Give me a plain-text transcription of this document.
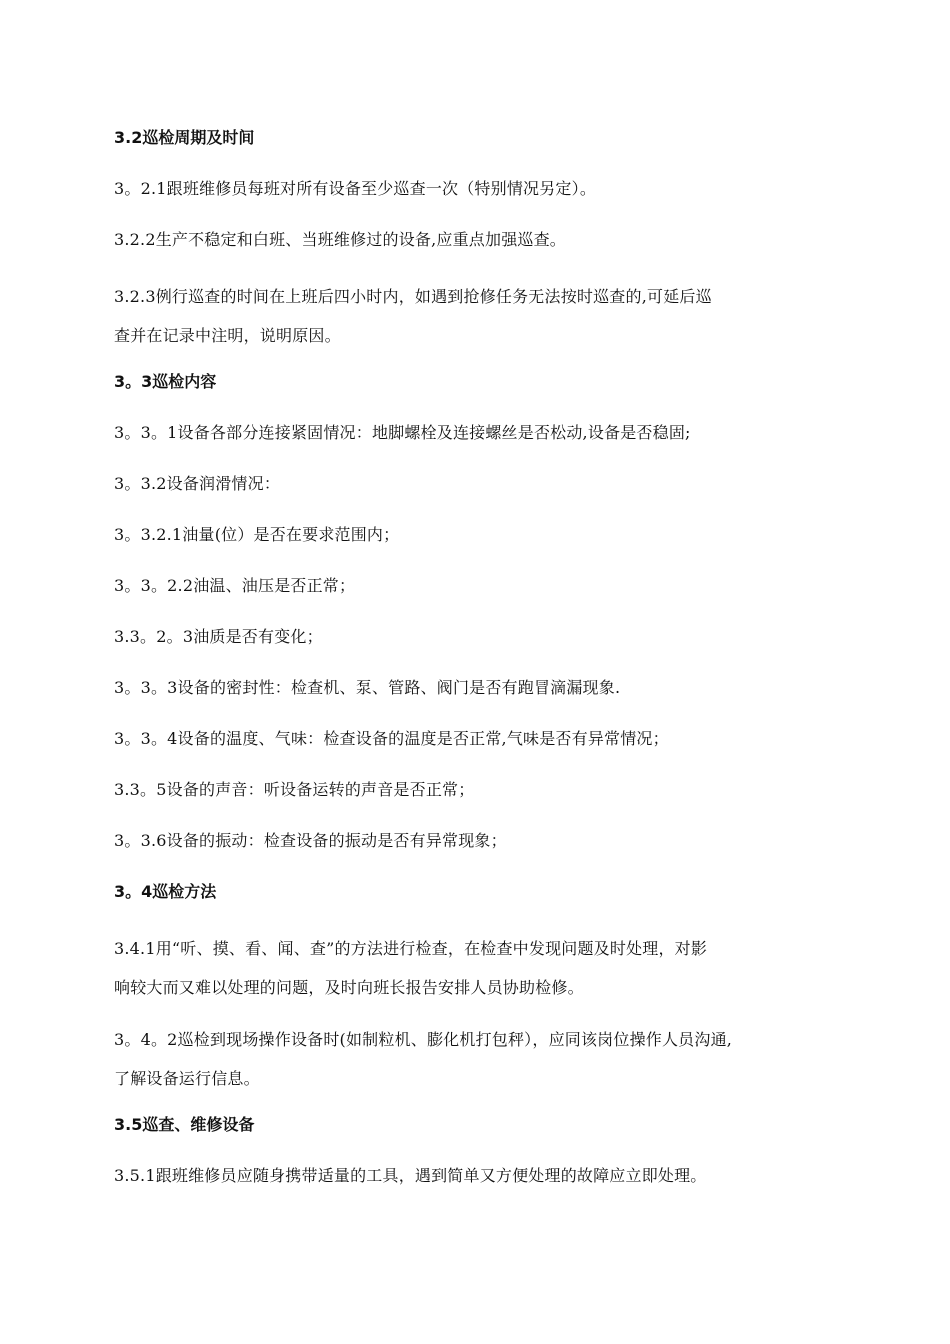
3.2巡检周期及时间
3。2.1跟班维修员每班对所有设备至少巡查一次（特别情况另定）。
3.2.2生产不稳定和白班、当班维修过的设备,应重点加强巡查。
3.2.3例行巡查的时间在上班后四小时内，如遇到抢修任务无法按时巡查的,可延后巡
查并在记录中注明，说明原因。
3。3巡检内容
3。3。1设备各部分连接紧固情况：地脚螺栓及连接螺丝是否松动,设备是否稳固;
3。3.2设备润滑情况：
3。3.2.1油量(位）是否在要求范围内；
3。3。2.2油温、油压是否正常；
3.3。2。3油质是否有变化；
3。3。3设备的密封性：检查机、泵、管路、阀门是否有跑冒滴漏现象.
3。3。4设备的温度、气味：检查设备的温度是否正常,气味是否有异常情况；
3.3。5设备的声音：听设备运转的声音是否正常；
3。3.6设备的振动：检查设备的振动是否有异常现象；
3。4巡检方法
3.4.1用“听、摸、看、闻、查”的方法进行检查，在检查中发现问题及时处理，对影
响较大而又难以处理的问题，及时向班长报告安排人员协助检修。
3。4。2巡检到现场操作设备时(如制粒机、膨化机打包秤），应同该岗位操作人员沟通,
了解设备运行信息。
3.5巡查、维修设备
3.5.1跟班维修员应随身携带适量的工具，遇到简单又方便处理的故障应立即处理。
